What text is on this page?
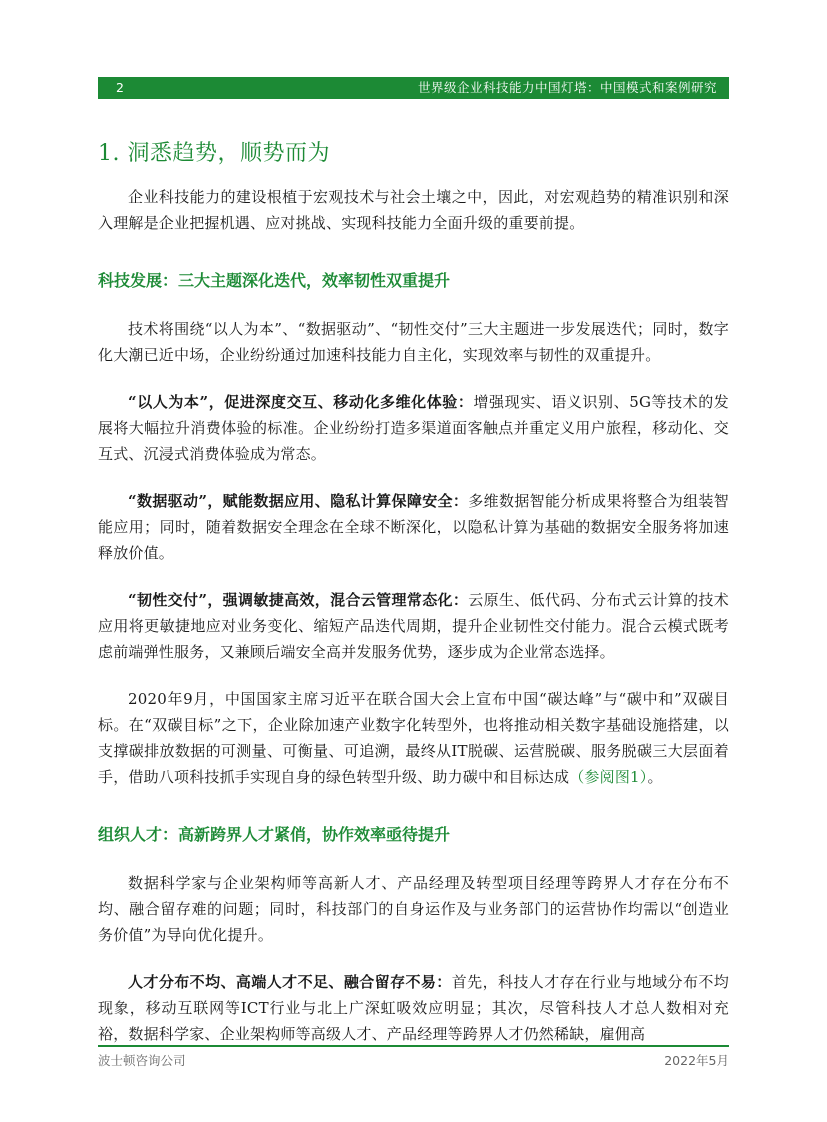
2	世界级企业科技能力中国灯塔：中国模式和案例研究
1. 洞悉趋势，顺势而为

企业科技能力的建设根植于宏观技术与社会土壤之中，因此，对宏观趋势的精准识别和深入理解是企业把握机遇、应对挑战、实现科技能力全面升级的重要前提。

科技发展：三大主题深化迭代，效率韧性双重提升

技术将围绕“以人为本”、“数据驱动”、“韧性交付”三大主题进一步发展迭代；同时，数字化大潮已近中场，企业纷纷通过加速科技能力自主化，实现效率与韧性的双重提升。

“以人为本”，促进深度交互、移动化多维化体验：增强现实、语义识别、5G等技术的发展将大幅拉升消费体验的标准。企业纷纷打造多渠道面客触点并重定义用户旅程，移动化、交互式、沉浸式消费体验成为常态。

“数据驱动”，赋能数据应用、隐私计算保障安全：多维数据智能分析成果将整合为组装智能应用；同时，随着数据安全理念在全球不断深化，以隐私计算为基础的数据安全服务将加速释放价值。

“韧性交付”，强调敏捷高效，混合云管理常态化：云原生、低代码、分布式云计算的技术应用将更敏捷地应对业务变化、缩短产品迭代周期，提升企业韧性交付能力。混合云模式既考虑前端弹性服务，又兼顾后端安全高并发服务优势，逐步成为企业常态选择。

2020年9月，中国国家主席习近平在联合国大会上宣布中国“碳达峰”与“碳中和”双碳目标。在“双碳目标”之下，企业除加速产业数字化转型外，也将推动相关数字基础设施搭建，以支撑碳排放数据的可测量、可衡量、可追溯，最终从IT脱碳、运营脱碳、服务脱碳三大层面着手，借助八项科技抓手实现自身的绿色转型升级、助力碳中和目标达成（参阅图1）。

组织人才：高新跨界人才紧俏，协作效率亟待提升

数据科学家与企业架构师等高新人才、产品经理及转型项目经理等跨界人才存在分布不均、融合留存难的问题；同时，科技部门的自身运作及与业务部门的运营协作均需以“创造业务价值”为导向优化提升。

人才分布不均、高端人才不足、融合留存不易：首先，科技人才存在行业与地域分布不均现象，移动互联网等ICT行业与北上广深虹吸效应明显；其次，尽管科技人才总人数相对充裕，数据科学家、企业架构师等高级人才、产品经理等跨界人才仍然稀缺，雇佣高

波士顿咨询公司	2022年5月
